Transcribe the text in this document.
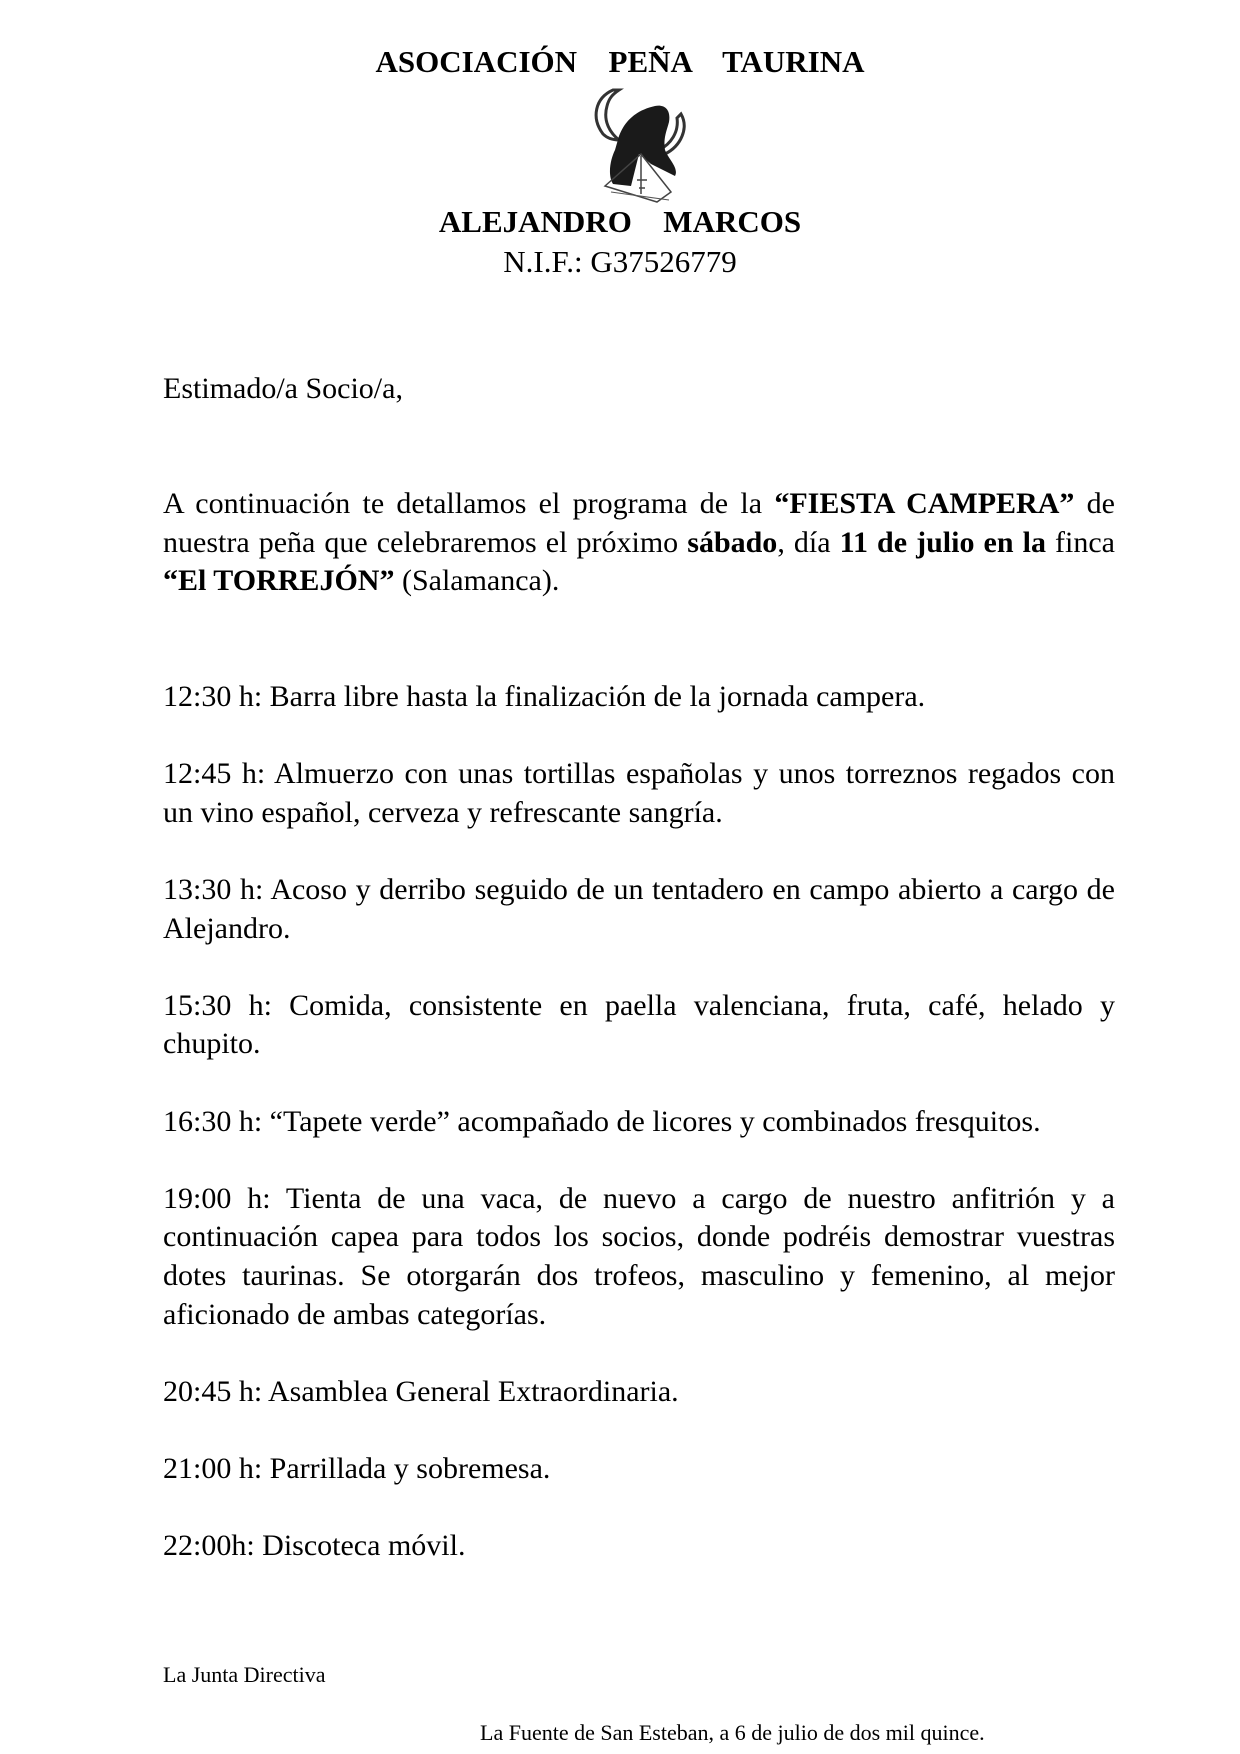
ASOCIACIÓN  PEÑA  TAURINA
ALEJANDRO  MARCOS
N.I.F.: G37526779
Estimado/a Socio/a,
A continuación te detallamos el programa de la “FIESTA CAMPERA” de nuestra peña que celebraremos el próximo sábado, día 11 de julio en la finca “El TORREJÓN” (Salamanca).

12:30 h: Barra libre hasta la finalización de la jornada campera.

12:45 h: Almuerzo con unas tortillas españolas y unos torreznos regados con un vino español, cerveza y refrescante sangría.

13:30 h: Acoso y derribo seguido de un tentadero en campo abierto a cargo de Alejandro.

15:30 h: Comida, consistente en paella valenciana, fruta, café, helado y chupito.

16:30 h: “Tapete verde” acompañado de licores y combinados fresquitos.

19:00 h: Tienta de una vaca, de nuevo a cargo de nuestro anfitrión y a continuación capea para todos los socios, donde podréis demostrar vuestras dotes taurinas. Se otorgarán dos trofeos, masculino y femenino, al mejor aficionado de ambas categorías.

20:45 h: Asamblea General Extraordinaria.

21:00 h: Parrillada y sobremesa.

22:00h: Discoteca móvil.

La Junta Directiva
La Fuente de San Esteban, a 6 de julio de dos mil quince.
